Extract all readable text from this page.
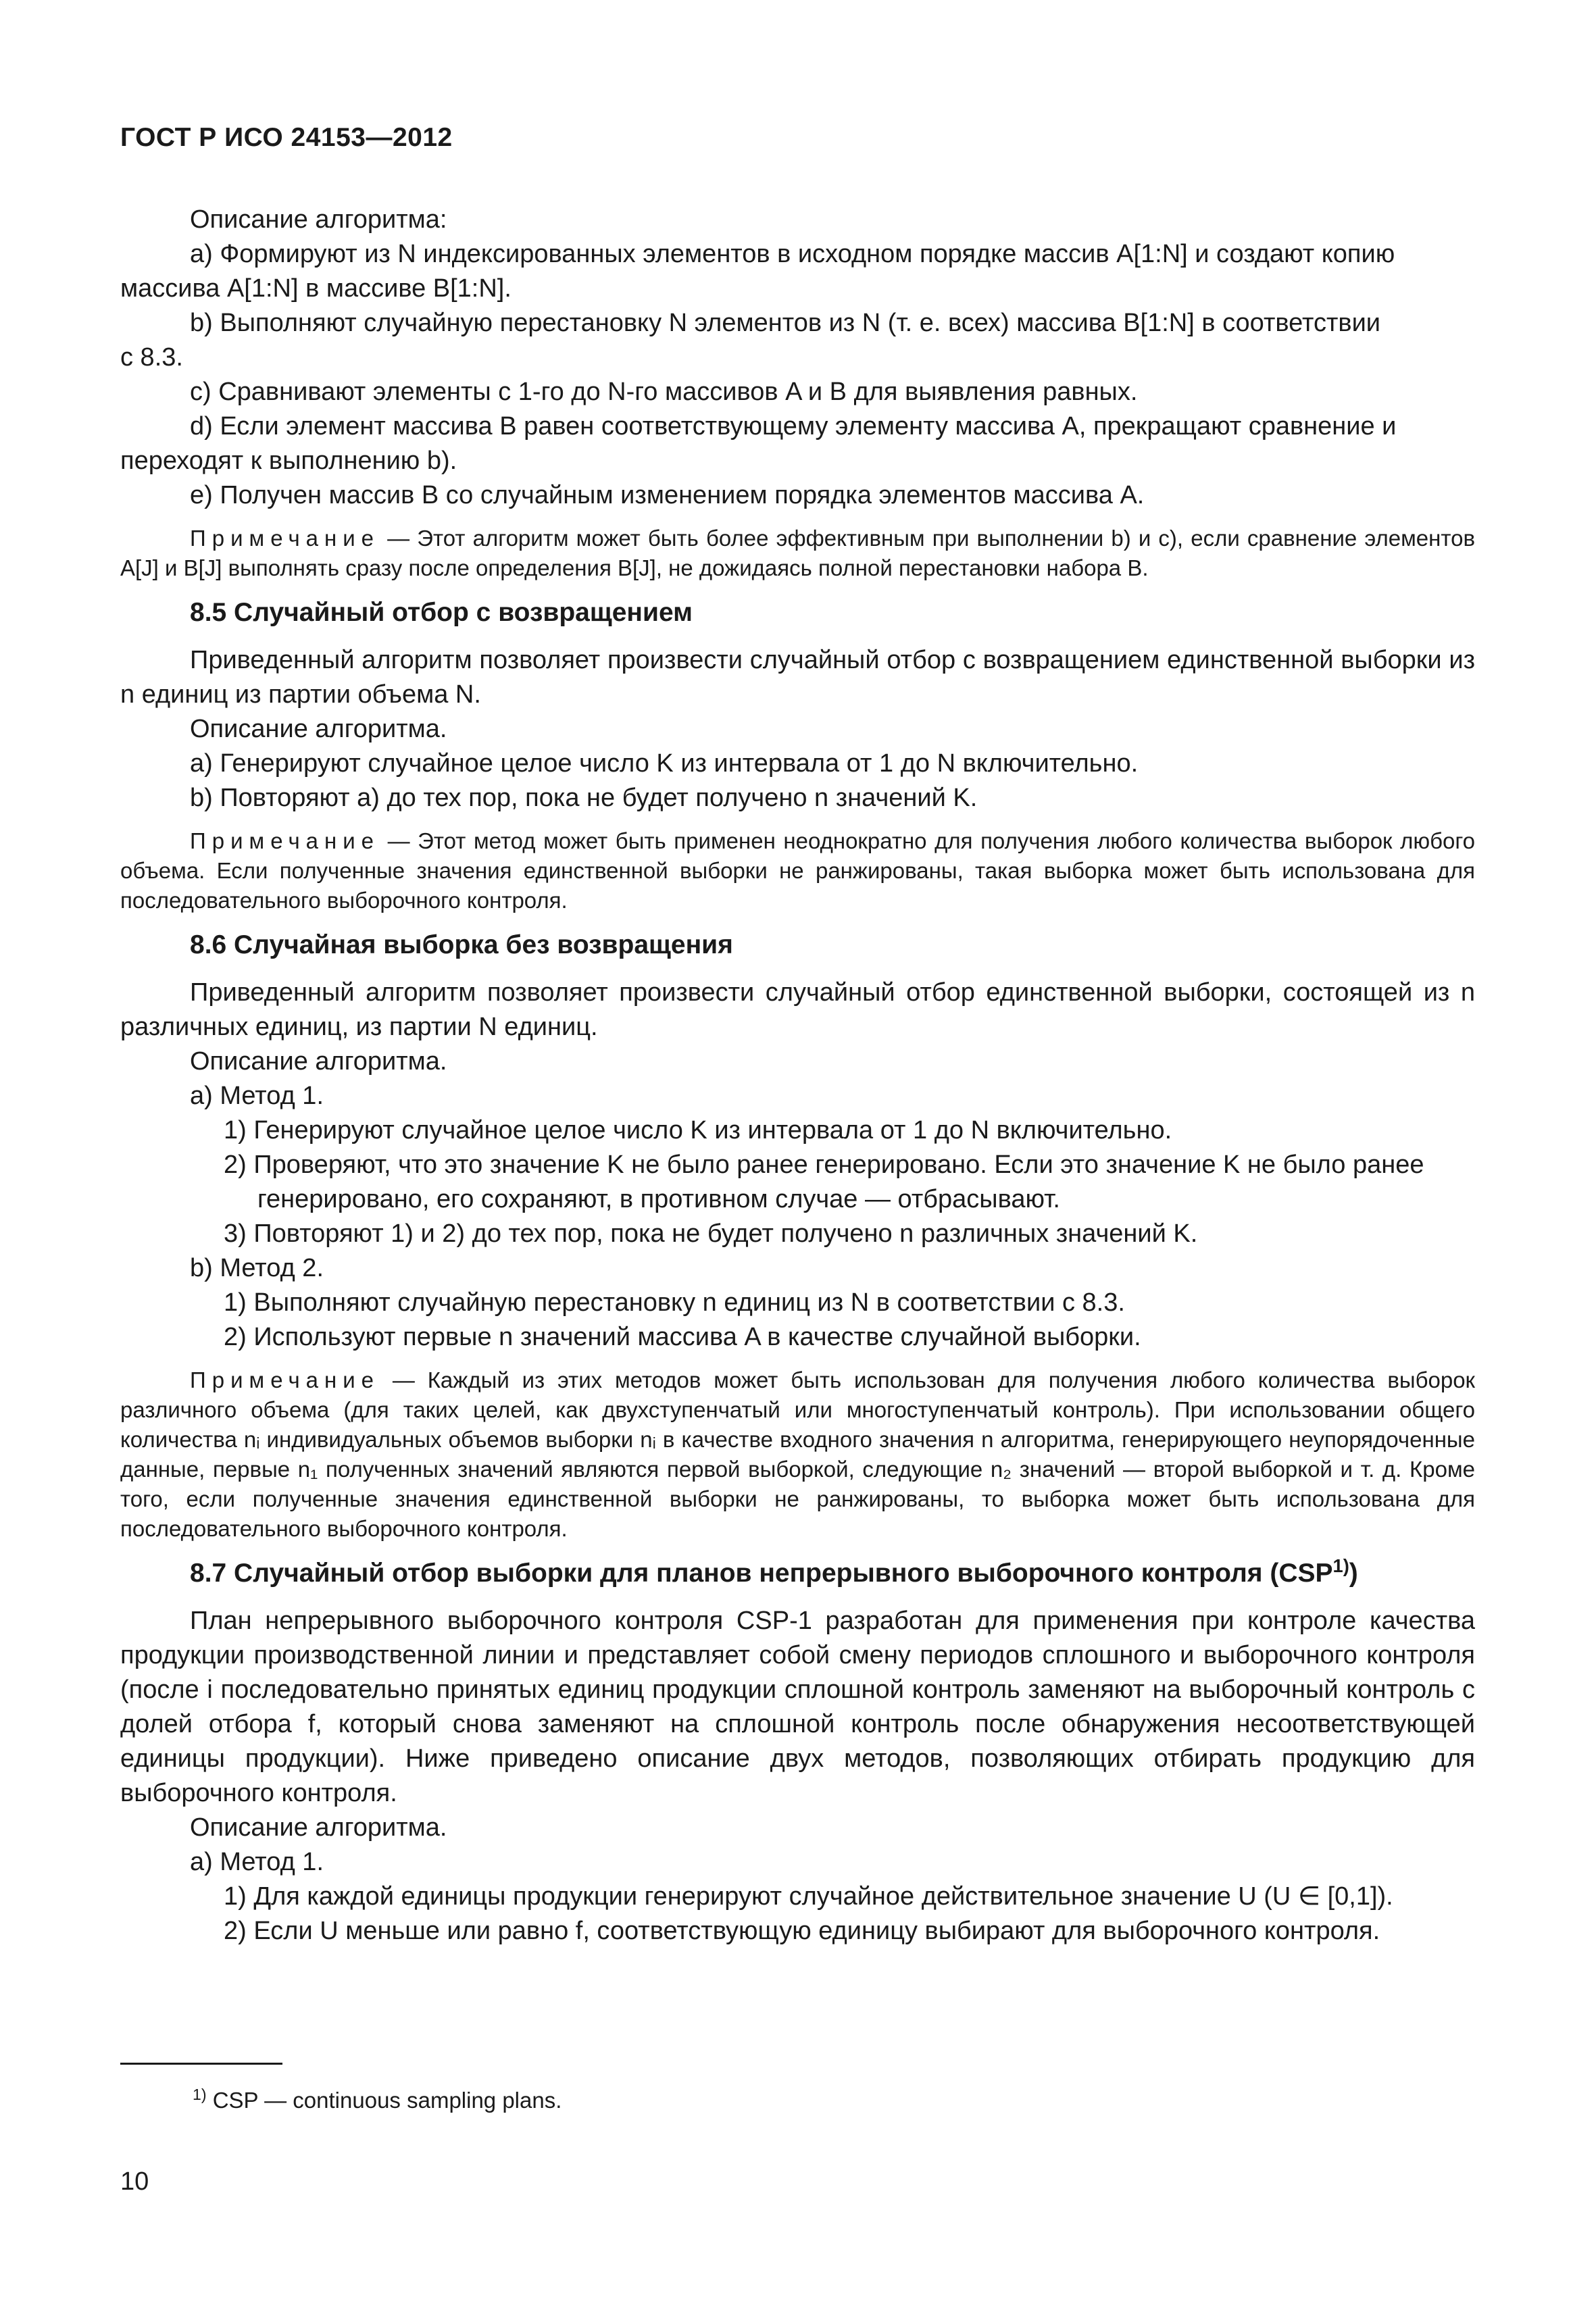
ГОСТ Р ИСО 24153—2012
Описание алгоритма:
а) Формируют из N индексированных элементов в исходном порядке массив A[1:N] и создают копию
массива A[1:N] в массиве B[1:N].
b) Выполняют случайную перестановку N элементов из N (т. е. всех) массива B[1:N] в соответствии
с 8.3.
c) Сравнивают элементы с 1-го до N-го массивов A и B для выявления равных.
d) Если элемент массива B равен соответствующему элементу массива A, прекращают сравнение и
переходят к выполнению b).
e) Получен массив B со случайным изменением порядка элементов массива A.
Примечание — Этот алгоритм может быть более эффективным при выполнении b) и c), если сравнение элементов A[J] и B[J] выполнять сразу после определения B[J], не дожидаясь полной перестановки набора B.
8.5 Случайный отбор с возвращением
Приведенный алгоритм позволяет произвести случайный отбор с возвращением единственной выборки из n единиц из партии объема N.
Описание алгоритма.
а) Генерируют случайное целое число K из интервала от 1 до N включительно.
b) Повторяют а) до тех пор, пока не будет получено n значений K.
Примечание — Этот метод может быть применен неоднократно для получения любого количества выборок любого объема. Если полученные значения единственной выборки не ранжированы, такая выборка может быть использована для последовательного выборочного контроля.
8.6 Случайная выборка без возвращения
Приведенный алгоритм позволяет произвести случайный отбор единственной выборки, состоящей из n различных единиц, из партии N единиц.
Описание алгоритма.
а) Метод 1.
1) Генерируют случайное целое число K из интервала от 1 до N включительно.
2) Проверяют, что это значение K не было ранее генерировано. Если это значение K не было ранее
генерировано, его сохраняют, в противном случае — отбрасывают.
3) Повторяют 1) и 2) до тех пор, пока не будет получено n различных значений K.
b) Метод 2.
1) Выполняют случайную перестановку n единиц из N в соответствии с 8.3.
2) Используют первые n значений массива A в качестве случайной выборки.
Примечание — Каждый из этих методов может быть использован для получения любого количества выборок различного объема (для таких целей, как двухступенчатый или многоступенчатый контроль). При использовании общего количества nᵢ индивидуальных объемов выборки nᵢ в качестве входного значения n алгоритма, генерирующего неупорядоченные данные, первые n₁ полученных значений являются первой выборкой, следующие n₂ значений — второй выборкой и т. д. Кроме того, если полученные значения единственной выборки не ранжированы, то выборка может быть использована для последовательного выборочного контроля.
8.7 Случайный отбор выборки для планов непрерывного выборочного контроля (CSP$^{1)}$)
План непрерывного выборочного контроля CSP-1 разработан для применения при контроле качества продукции производственной линии и представляет собой смену периодов сплошного и выборочного контроля (после i последовательно принятых единиц продукции сплошной контроль заменяют на выборочный контроль с долей отбора f, который снова заменяют на сплошной контроль после обнаружения несоответствующей единицы продукции). Ниже приведено описание двух методов, позволяющих отбирать продукцию для выборочного контроля.
Описание алгоритма.
а) Метод 1.
1) Для каждой единицы продукции генерируют случайное действительное значение U (U ∈ [0,1]).
2) Если U меньше или равно f, соответствующую единицу выбирают для выборочного контроля.
$^{1)}$ CSP — continuous sampling plans.
10
